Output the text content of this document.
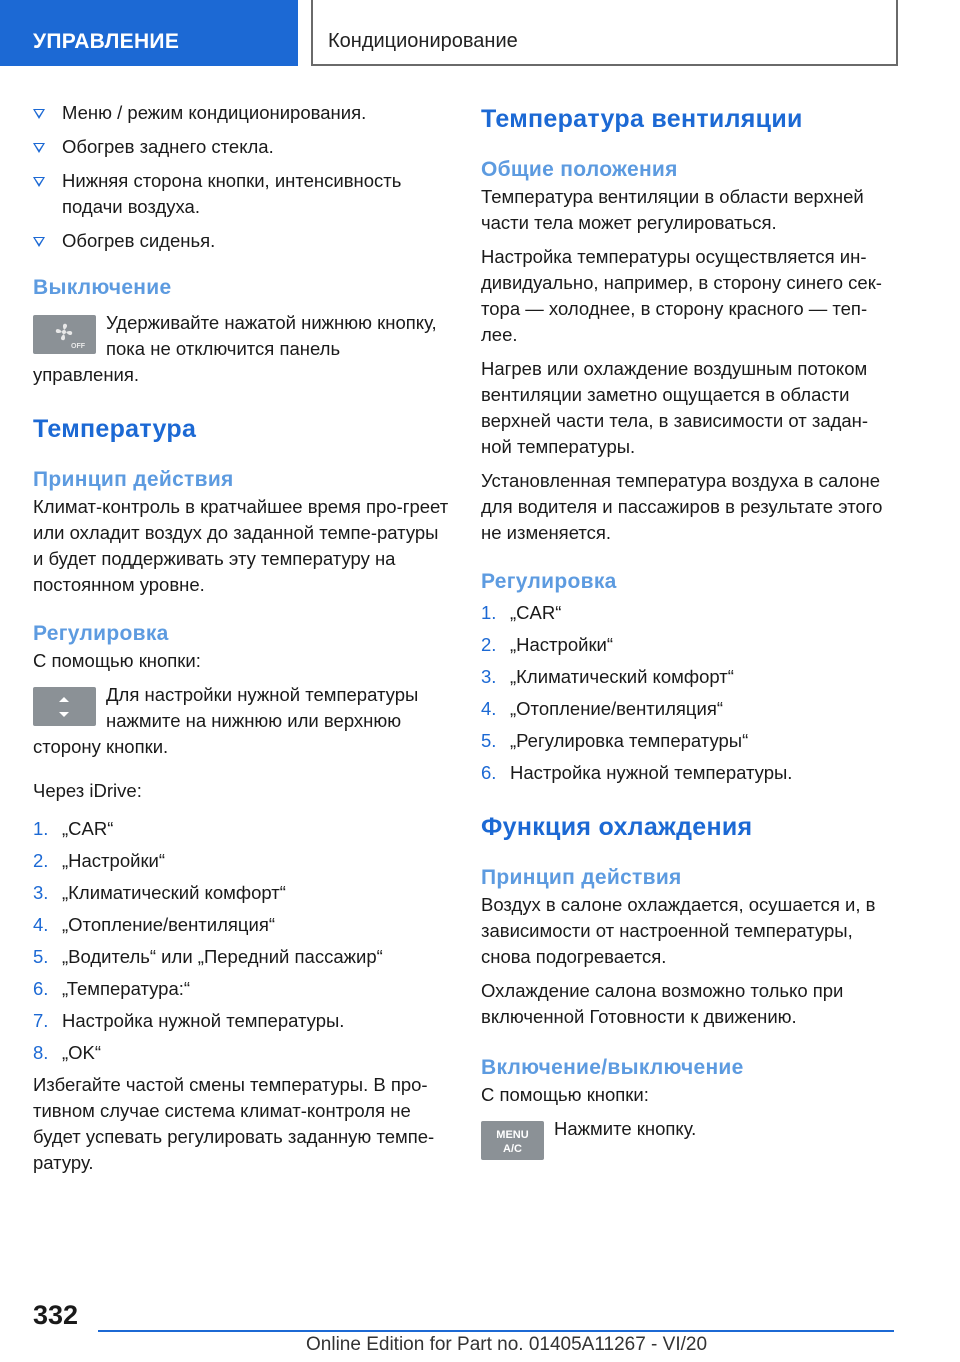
УПРАВЛЕНИЕ	Кондиционирование
Меню / режим кондиционирования.
Обогрев заднего стекла.
Нижняя сторона кнопки, интенсивность подачи воздуха.
Обогрев сиденья.
Выключение
OFF

Удерживайте нажатой нижнюю кнопку, пока не отключится панель управления.

Температура
Принцип действия

Климат-контроль в кратчайшее время про-греет или охладит воздух до заданной темпе-ратуры и будет поддерживать эту температуру на постоянном уровне.

Регулировка

С помощью кнопки:

Для настройки нужной температуры нажмите на нижнюю или верхнюю сторону кнопки.

Через iDrive:

1. „CAR“
2. „Настройки“
3. „Климатический комфорт“
4. „Отопление/вентиляция“
5. „Водитель“ или „Передний пассажир“
6. „Температура:“
7. Настройка нужной температуры.
8. „OK“

Избегайте частой смены температуры. В про-тивном случае система климат-контроля не будет успевать регулировать заданную темпе-ратуру.

Температура вентиляции
Общие положения

Температура вентиляции в области верхней части тела может регулироваться.

Настройка температуры осуществляется ин-дивидуально, например, в сторону синего сек-тора — холоднее, в сторону красного — теп-лее.

Нагрев или охлаждение воздушным потоком вентиляции заметно ощущается в области верхней части тела, в зависимости от задан-ной температуры.

Установленная температура воздуха в салоне для водителя и пассажиров в результате этого не изменяется.

Регулировка
1. „CAR“
2. „Настройки“
3. „Климатический комфорт“
4. „Отопление/вентиляция“
5. „Регулировка температуры“
6. Настройка нужной температуры.
Функция охлаждения
Принцип действия

Воздух в салоне охлаждается, осушается и, в зависимости от настроенной температуры, снова подогревается.

Охлаждение салона возможно только при включенной Готовности к движению.

Включение/выключение

С помощью кнопки:

MENU
A/C

Нажмите кнопку.

332
Online Edition for Part no. 01405A11267 - VI/20
